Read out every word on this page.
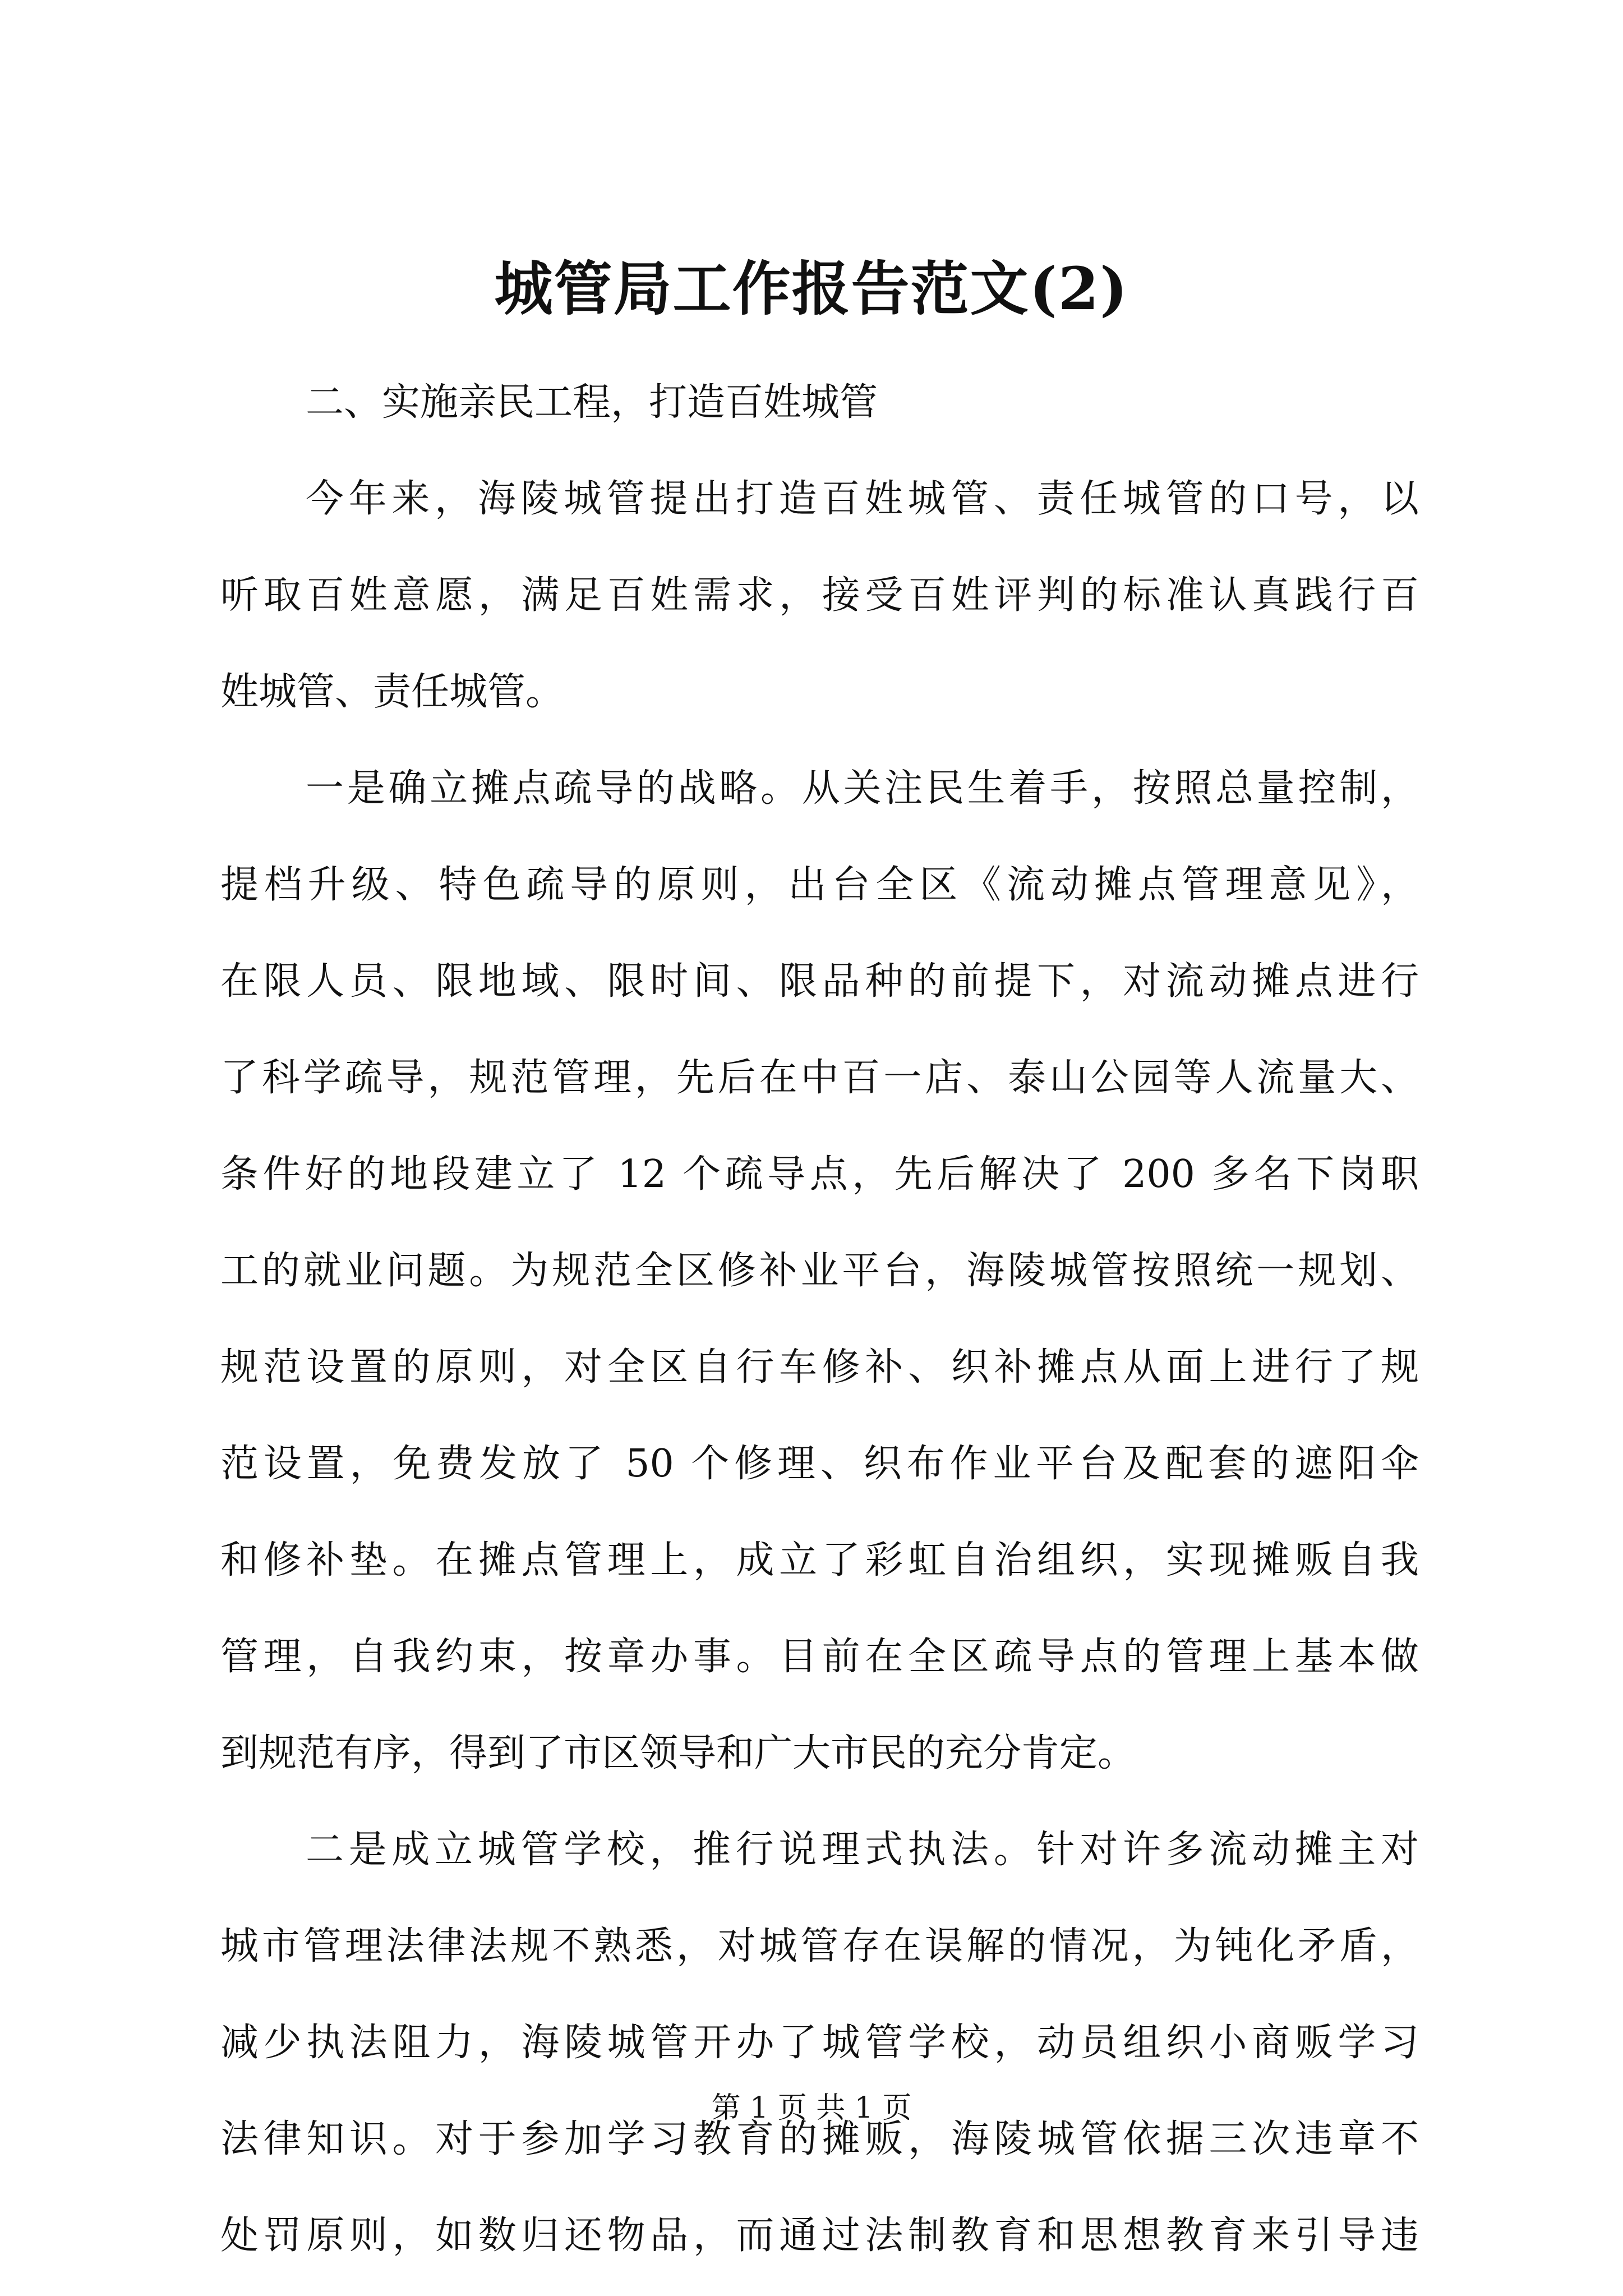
城管局工作报告范文(2)
二、实施亲民工程，打造百姓城管
今年来，海陵城管提出打造百姓城管、责任城管的口号，以
听取百姓意愿，满足百姓需求，接受百姓评判的标准认真践行百
姓城管、责任城管。
一是确立摊点疏导的战略。从关注民生着手，按照总量控制，
提档升级、特色疏导的原则，出台全区《流动摊点管理意见》，
在限人员、限地域、限时间、限品种的前提下，对流动摊点进行
了科学疏导，规范管理，先后在中百一店、泰山公园等人流量大、
条件好的地段建立了 12 个疏导点，先后解决了 200 多名下岗职
工的就业问题。为规范全区修补业平台，海陵城管按照统一规划、
规范设置的原则，对全区自行车修补、织补摊点从面上进行了规
范设置，免费发放了 50 个修理、织布作业平台及配套的遮阳伞
和修补垫。在摊点管理上，成立了彩虹自治组织，实现摊贩自我
管理，自我约束，按章办事。目前在全区疏导点的管理上基本做
到规范有序，得到了市区领导和广大市民的充分肯定。
二是成立城管学校，推行说理式执法。针对许多流动摊主对
城市管理法律法规不熟悉，对城管存在误解的情况，为钝化矛盾，
减少执法阻力，海陵城管开办了城管学校，动员组织小商贩学习
法律知识。对于参加学习教育的摊贩，海陵城管依据三次违章不
处罚原则，如数归还物品，而通过法制教育和思想教育来引导违
第 1 页 共 1 页
